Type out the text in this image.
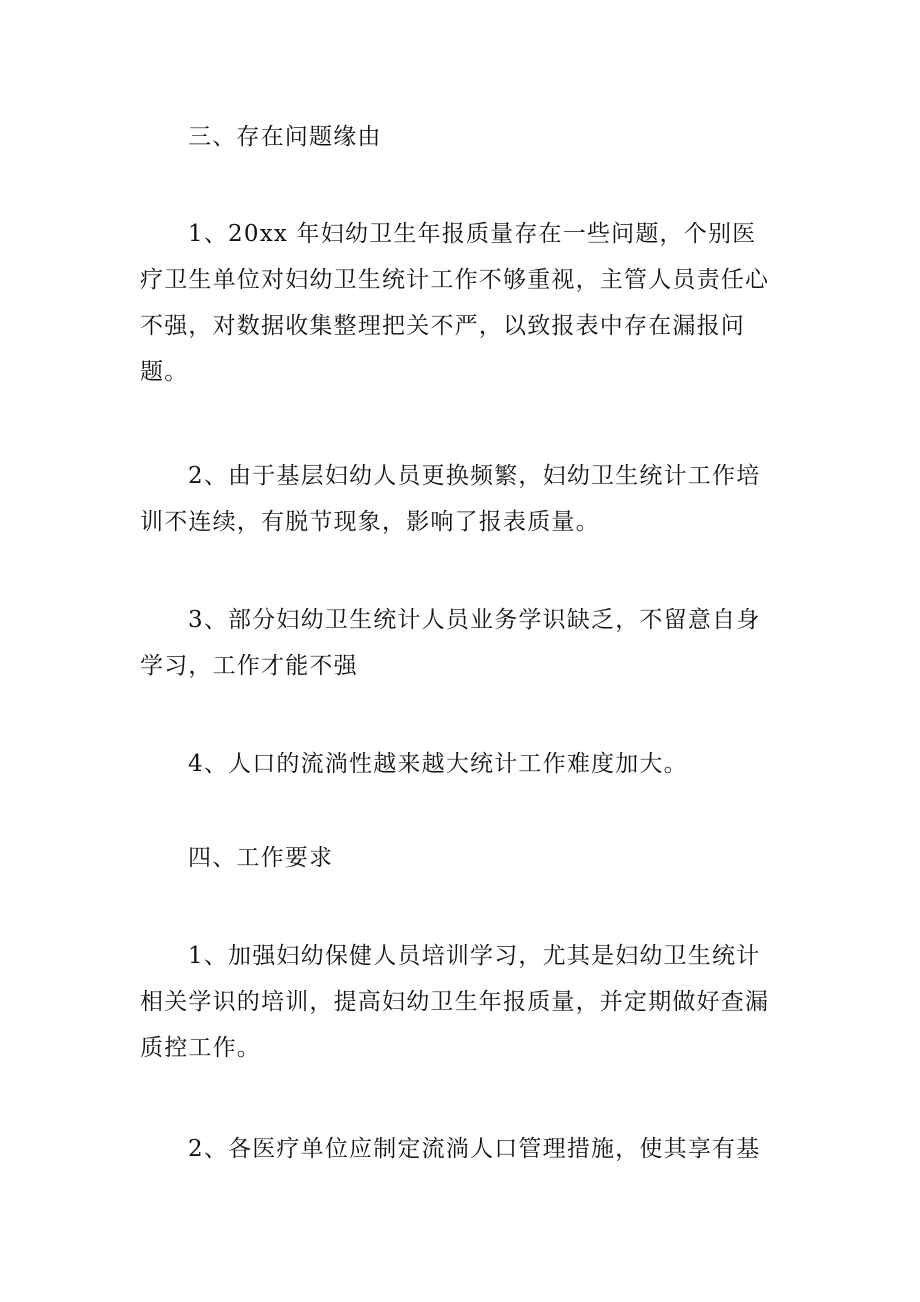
三、存在问题缘由

1、20xx 年妇幼卫生年报质量存在一些问题，个别医疗卫生单位对妇幼卫生统计工作不够重视，主管人员责任心不强，对数据收集整理把关不严，以致报表中存在漏报问题。

2、由于基层妇幼人员更换频繁，妇幼卫生统计工作培训不连续，有脱节现象，影响了报表质量。

3、部分妇幼卫生统计人员业务学识缺乏，不留意自身学习，工作才能不强

4、人口的流淌性越来越大统计工作难度加大。

四、工作要求

1、加强妇幼保健人员培训学习，尤其是妇幼卫生统计相关学识的培训，提高妇幼卫生年报质量，并定期做好查漏质控工作。

2、各医疗单位应制定流淌人口管理措施，使其享有基
